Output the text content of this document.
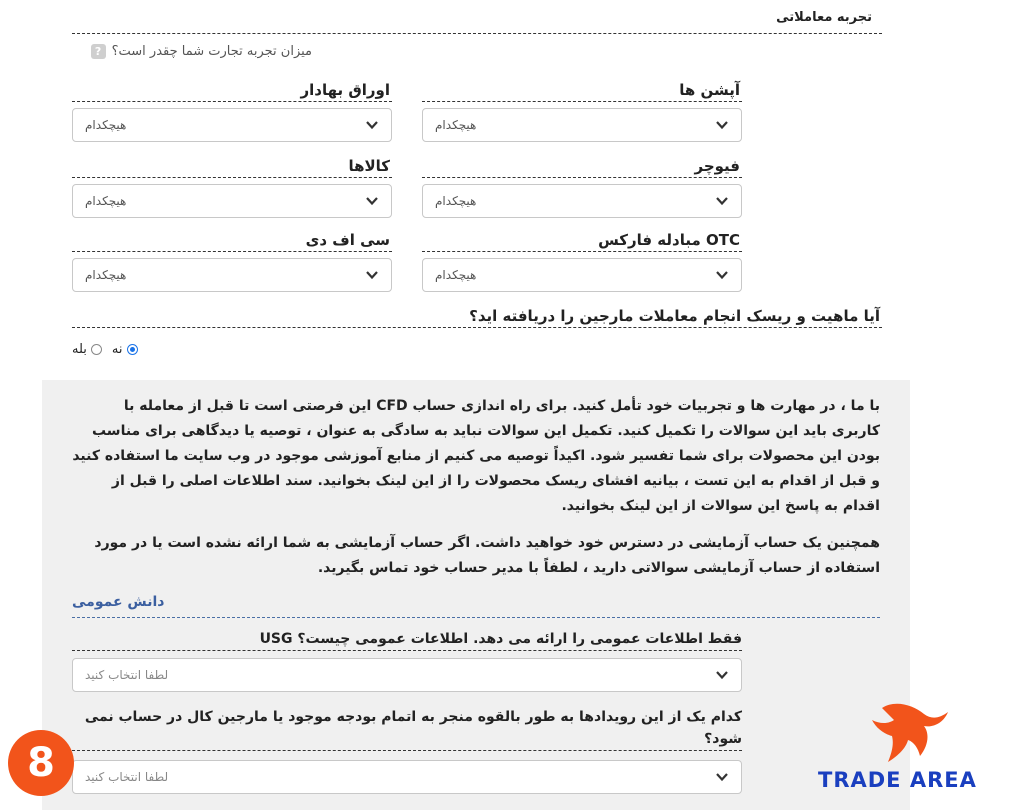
تجربه معاملاتی
میزان تجربه تجارت شما چقدر است؟
?
آپشن ها
اوراق بهادار
هیچکدام
هیچکدام
فیوچر
کالاها
هیچکدام
هیچکدام
OTC مبادله فارکس
سی اف دی
هیچکدام
هیچکدام
آیا ماهیت و ریسک انجام معاملات مارجین را دریافته اید؟
نه
بله
با ما ، در مهارت ها و تجربیات خود تأمل کنید. برای راه اندازی حساب CFD این فرصتی است تا قبل از معامله با کاربری باید این سوالات را تکمیل کنید. تکمیل این سوالات نباید به سادگی به عنوان ، توصیه یا دیدگاهی برای مناسب بودن این محصولات برای شما تفسیر شود. اکیداً توصیه می کنیم از منابع آموزشی موجود در وب سایت ما استفاده کنید و قبل از اقدام به این تست ، بیانیه افشای ریسک محصولات را از این لینک بخوانید. سند اطلاعات اصلی را قبل از اقدام به پاسخ این سوالات از این لینک بخوانید.
همچنین یک حساب آزمایشی در دسترس خود خواهید داشت. اگر حساب آزمایشی به شما ارائه نشده است یا در مورد استفاده از حساب آزمایشی سوالاتی دارید ، لطفاً با مدیر حساب خود تماس بگیرید.
دانش عمومی
فقط اطلاعات عمومی را ارائه می دهد. اطلاعات عمومی چیست؟ USG
لطفا انتخاب کنید
کدام یک از این رویدادها به طور بالقوه منجر به اتمام بودجه موجود یا مارجین کال در حساب نمی شود؟
لطفا انتخاب کنید
8	TRADE AREA
